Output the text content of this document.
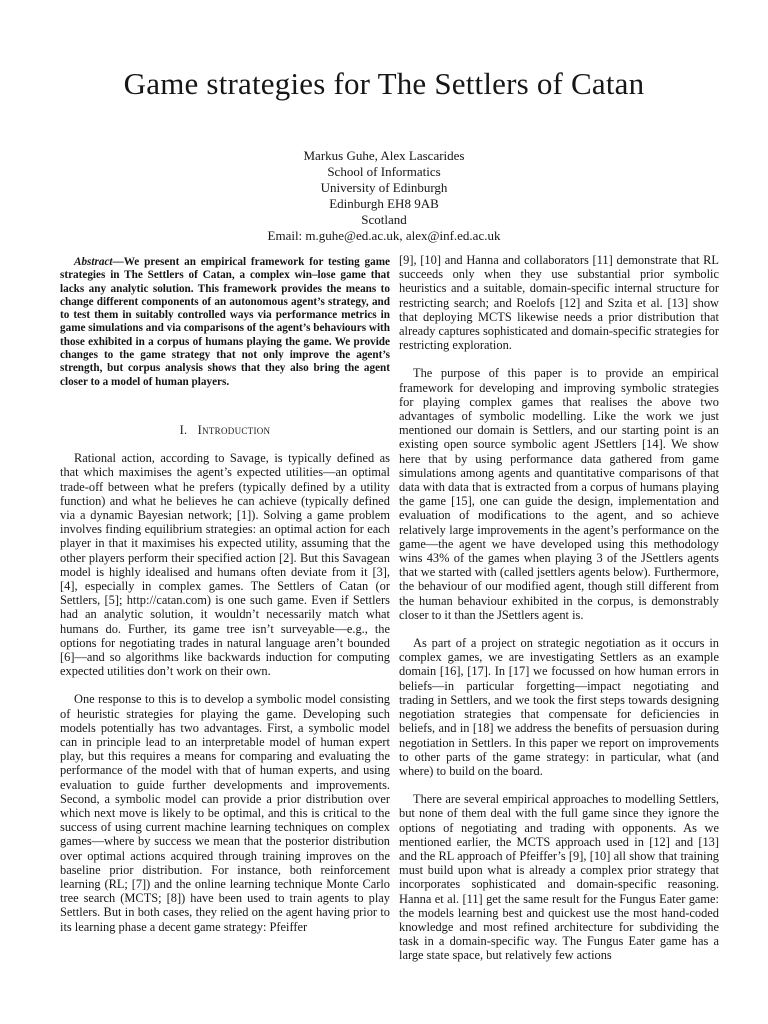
Game strategies for The Settlers of Catan
Markus Guhe, Alex Lascarides
School of Informatics
University of Edinburgh
Edinburgh EH8 9AB
Scotland
Email: m.guhe@ed.ac.uk, alex@inf.ed.ac.uk

Abstract—We present an empirical framework for testing game strategies in The Settlers of Catan, a complex win–lose game that lacks any analytic solution. This framework provides the means to change different components of an autonomous agent’s strategy, and to test them in suitably controlled ways via performance metrics in game simulations and via comparisons of the agent’s behaviours with those exhibited in a corpus of humans playing the game. We provide changes to the game strategy that not only improve the agent’s strength, but corpus analysis shows that they also bring the agent closer to a model of human players.

I. Introduction

Rational action, according to Savage, is typically defined as that which maximises the agent’s expected utilities—an optimal trade-off between what he prefers (typically defined by a utility function) and what he believes he can achieve (typically defined via a dynamic Bayesian network; [1]). Solving a game problem involves finding equilibrium strategies: an optimal action for each player in that it maximises his expected utility, assuming that the other players perform their specified action [2]. But this Savagean model is highly idealised and humans often deviate from it [3], [4], especially in complex games. The Settlers of Catan (or Settlers, [5]; http://catan.com) is one such game. Even if Settlers had an analytic solution, it wouldn’t necessarily match what humans do. Further, its game tree isn’t surveyable—e.g., the options for negotiating trades in natural language aren’t bounded [6]—and so algorithms like backwards induction for computing expected utilities don’t work on their own.

One response to this is to develop a symbolic model consisting of heuristic strategies for playing the game. Developing such models potentially has two advantages. First, a symbolic model can in principle lead to an interpretable model of human expert play, but this requires a means for comparing and evaluating the performance of the model with that of human experts, and using evaluation to guide further developments and improvements. Second, a symbolic model can provide a prior distribution over which next move is likely to be optimal, and this is critical to the success of using current machine learning techniques on complex games—where by success we mean that the posterior distribution over optimal actions acquired through training improves on the baseline prior distribution. For instance, both reinforcement learning (RL; [7]) and the online learning technique Monte Carlo tree search (MCTS; [8]) have been used to train agents to play Settlers. But in both cases, they relied on the agent having prior to its learning phase a decent game strategy: Pfeiffer

[9], [10] and Hanna and collaborators [11] demonstrate that RL succeeds only when they use substantial prior symbolic heuristics and a suitable, domain-specific internal structure for restricting search; and Roelofs [12] and Szita et al. [13] show that deploying MCTS likewise needs a prior distribution that already captures sophisticated and domain-specific strategies for restricting exploration.

The purpose of this paper is to provide an empirical framework for developing and improving symbolic strategies for playing complex games that realises the above two advantages of symbolic modelling. Like the work we just mentioned our domain is Settlers, and our starting point is an existing open source symbolic agent JSettlers [14]. We show here that by using performance data gathered from game simulations among agents and quantitative comparisons of that data with data that is extracted from a corpus of humans playing the game [15], one can guide the design, implementation and evaluation of modifications to the agent, and so achieve relatively large improvements in the agent’s performance on the game—the agent we have developed using this methodology wins 43% of the games when playing 3 of the JSettlers agents that we started with (called jsettlers agents below). Furthermore, the behaviour of our modified agent, though still different from the human behaviour exhibited in the corpus, is demonstrably closer to it than the JSettlers agent is.

As part of a project on strategic negotiation as it occurs in complex games, we are investigating Settlers as an example domain [16], [17]. In [17] we focussed on how human errors in beliefs—in particular forgetting—impact negotiating and trading in Settlers, and we took the first steps towards designing negotiation strategies that compensate for deficiencies in beliefs, and in [18] we address the benefits of persuasion during negotiation in Settlers. In this paper we report on improvements to other parts of the game strategy: in particular, what (and where) to build on the board.

There are several empirical approaches to modelling Settlers, but none of them deal with the full game since they ignore the options of negotiating and trading with opponents. As we mentioned earlier, the MCTS approach used in [12] and [13] and the RL approach of Pfeiffer’s [9], [10] all show that training must build upon what is already a complex prior strategy that incorporates sophisticated and domain-specific reasoning. Hanna et al. [11] get the same result for the Fungus Eater game: the models learning best and quickest use the most hand-coded knowledge and most refined architecture for subdividing the task in a domain-specific way. The Fungus Eater game has a large state space, but relatively few actions
